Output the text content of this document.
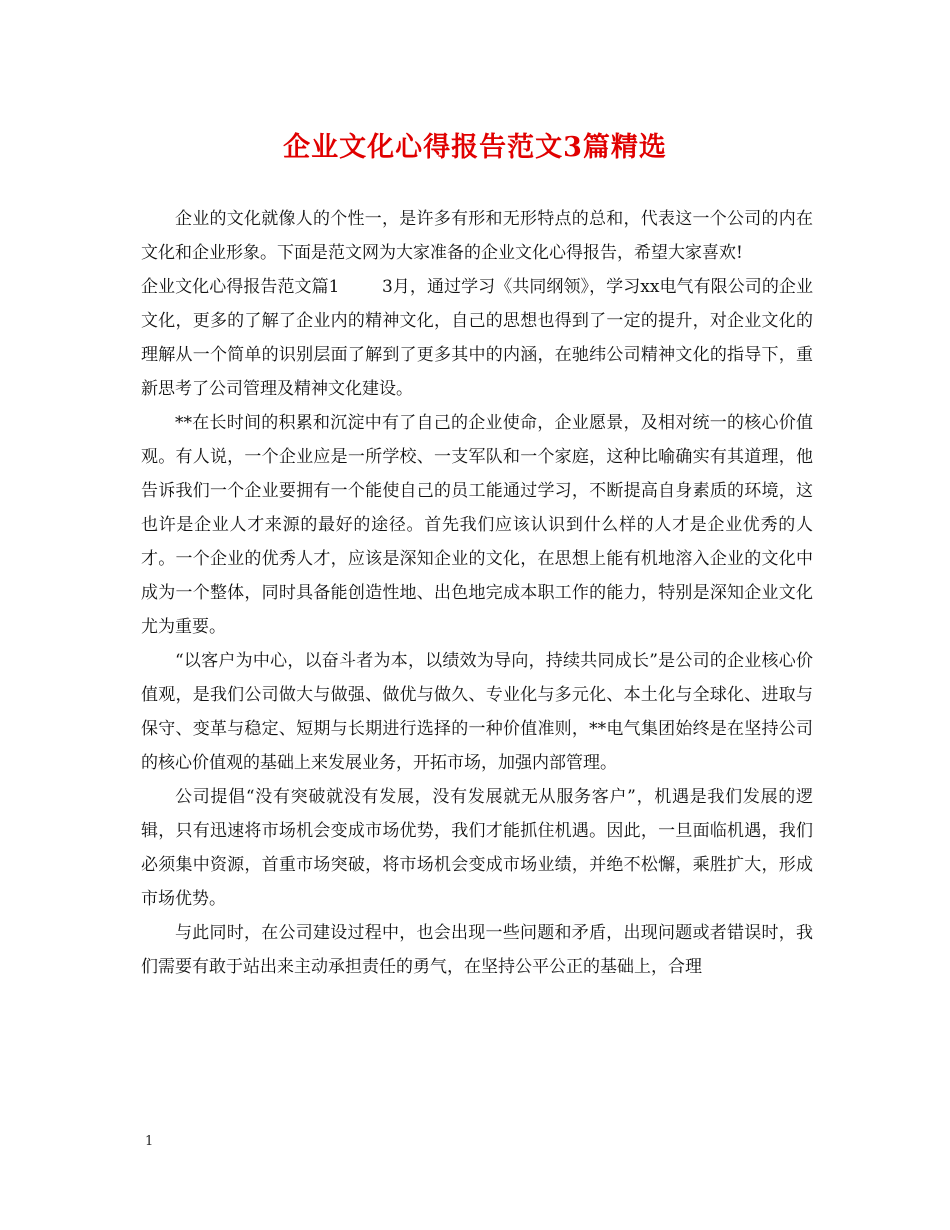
企业文化心得报告范文3篇精选

企业的文化就像人的个性一，是许多有形和无形特点的总和，代表这一个公司的内在文化和企业形象。下面是范文网为大家准备的企业文化心得报告，希望大家喜欢!

企业文化心得报告范文篇1	3月，通过学习《共同纲领》，学习xx电气有限公司的企业文化，更多的了解了企业内的精神文化，自己的思想也得到了一定的提升，对企业文化的理解从一个简单的识别层面了解到了更多其中的内涵，在驰纬公司精神文化的指导下，重新思考了公司管理及精神文化建设。

**在长时间的积累和沉淀中有了自己的企业使命，企业愿景，及相对统一的核心价值观。有人说，一个企业应是一所学校、一支军队和一个家庭，这种比喻确实有其道理，他告诉我们一个企业要拥有一个能使自己的员工能通过学习，不断提高自身素质的环境，这也许是企业人才来源的最好的途径。首先我们应该认识到什么样的人才是企业优秀的人才。一个企业的优秀人才，应该是深知企业的文化，在思想上能有机地溶入企业的文化中成为一个整体，同时具备能创造性地、出色地完成本职工作的能力，特别是深知企业文化尤为重要。

“以客户为中心，以奋斗者为本，以绩效为导向，持续共同成长”是公司的企业核心价值观，是我们公司做大与做强、做优与做久、专业化与多元化、本土化与全球化、进取与保守、变革与稳定、短期与长期进行选择的一种价值准则，**电气集团始终是在坚持公司的核心价值观的基础上来发展业务，开拓市场，加强内部管理。

公司提倡“没有突破就没有发展，没有发展就无从服务客户”，机遇是我们发展的逻辑，只有迅速将市场机会变成市场优势，我们才能抓住机遇。因此，一旦面临机遇，我们必须集中资源，首重市场突破，将市场机会变成市场业绩，并绝不松懈，乘胜扩大，形成市场优势。

与此同时，在公司建设过程中，也会出现一些问题和矛盾，出现问题或者错误时，我们需要有敢于站出来主动承担责任的勇气，在坚持公平公正的基础上，合理

1
